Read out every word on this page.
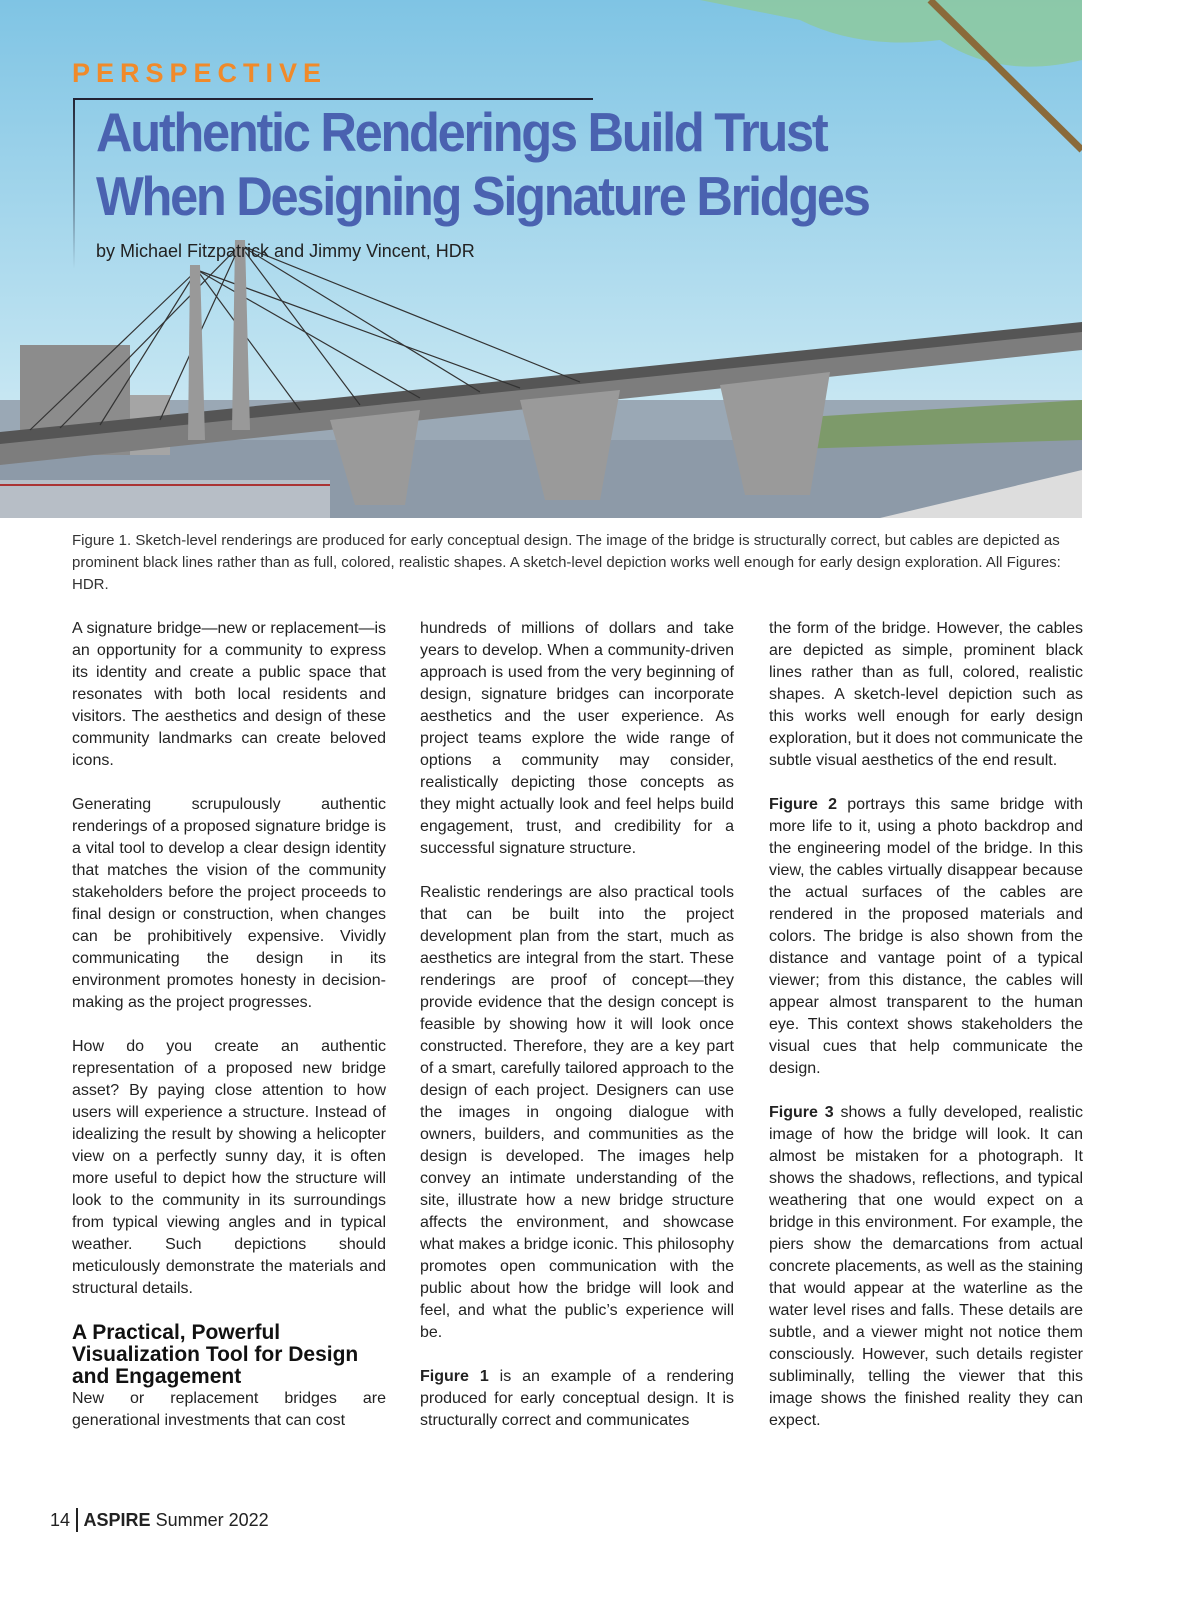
PERSPECTIVE
Authentic Renderings Build Trust
When Designing Signature Bridges
by Michael Fitzpatrick and Jimmy Vincent, HDR
Figure 1. Sketch-level renderings are produced for early conceptual design. The image of the bridge is structurally correct, but cables are depicted as prominent black lines rather than as full, colored, realistic shapes. A sketch-level depiction works well enough for early design exploration. All Figures: HDR.

A signature bridge—new or replacement—is an opportunity for a community to express its identity and create a public space that resonates with both local residents and visitors. The aesthetics and design of these community landmarks can create beloved icons.

Generating scrupulously authentic renderings of a proposed signature bridge is a vital tool to develop a clear design identity that matches the vision of the community stakeholders before the project proceeds to final design or construction, when changes can be prohibitively expensive. Vividly communicating the design in its environment promotes honesty in decision-making as the project progresses.

How do you create an authentic representation of a proposed new bridge asset? By paying close attention to how users will experience a structure. Instead of idealizing the result by showing a helicopter view on a perfectly sunny day, it is often more useful to depict how the structure will look to the community in its surroundings from typical viewing angles and in typical weather. Such depictions should meticulously demonstrate the materials and structural details.

A Practical, Powerful Visualization Tool for Design and Engagement

New or replacement bridges are generational investments that can cost

hundreds of millions of dollars and take years to develop. When a community-driven approach is used from the very beginning of design, signature bridges can incorporate aesthetics and the user experience. As project teams explore the wide range of options a community may consider, realistically depicting those concepts as they might actually look and feel helps build engagement, trust, and credibility for a successful signature structure.

Realistic renderings are also practical tools that can be built into the project development plan from the start, much as aesthetics are integral from the start. These renderings are proof of concept—they provide evidence that the design concept is feasible by showing how it will look once constructed. Therefore, they are a key part of a smart, carefully tailored approach to the design of each project. Designers can use the images in ongoing dialogue with owners, builders, and communities as the design is developed. The images help convey an intimate understanding of the site, illustrate how a new bridge structure affects the environment, and showcase what makes a bridge iconic. This philosophy promotes open communication with the public about how the bridge will look and feel, and what the public’s experience will be.

Figure 1 is an example of a rendering produced for early conceptual design. It is structurally correct and communicates

the form of the bridge. However, the cables are depicted as simple, prominent black lines rather than as full, colored, realistic shapes. A sketch-level depiction such as this works well enough for early design exploration, but it does not communicate the subtle visual aesthetics of the end result.

Figure 2 portrays this same bridge with more life to it, using a photo backdrop and the engineering model of the bridge. In this view, the cables virtually disappear because the actual surfaces of the cables are rendered in the proposed materials and colors. The bridge is also shown from the distance and vantage point of a typical viewer; from this distance, the cables will appear almost transparent to the human eye. This context shows stakeholders the visual cues that help communicate the design.

Figure 3 shows a fully developed, realistic image of how the bridge will look. It can almost be mistaken for a photograph. It shows the shadows, reflections, and typical weathering that one would expect on a bridge in this environment. For example, the piers show the demarcations from actual concrete placements, as well as the staining that would appear at the waterline as the water level rises and falls. These details are subtle, and a viewer might not notice them consciously. However, such details register subliminally, telling the viewer that this image shows the finished reality they can expect.

14 ASPIRE Summer 2022
